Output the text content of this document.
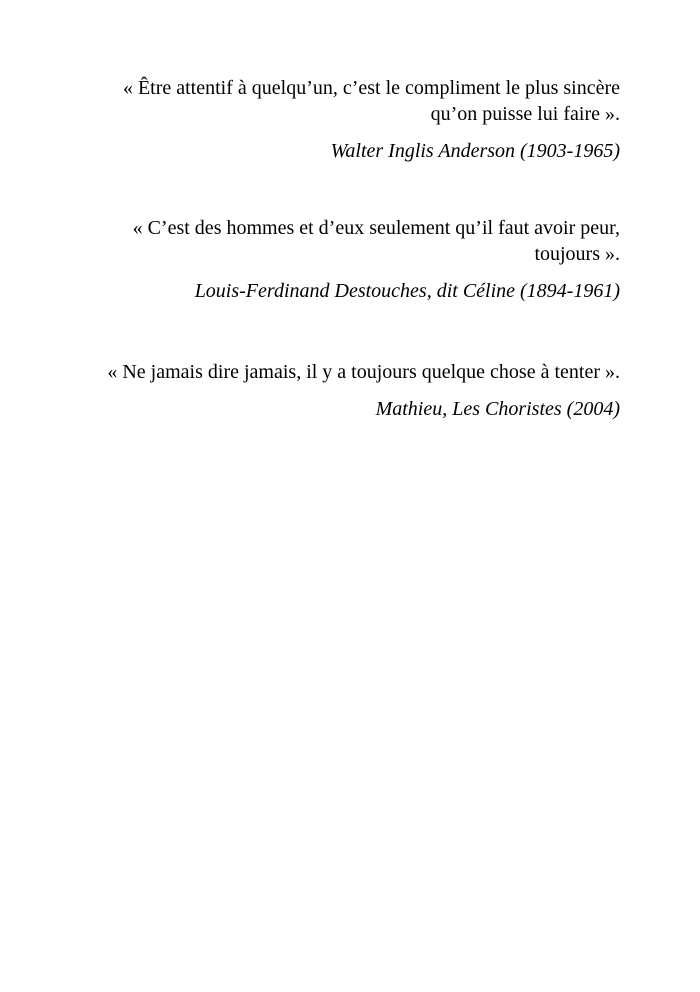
« Être attentif à quelqu’un, c’est le compliment le plus sincère
qu’on puisse lui faire ».
Walter Inglis Anderson (1903-1965)
« C’est des hommes et d’eux seulement qu’il faut avoir peur,
toujours ».
Louis-Ferdinand Destouches, dit Céline (1894-1961)
« Ne jamais dire jamais, il y a toujours quelque chose à tenter ».
Mathieu, Les Choristes (2004)
